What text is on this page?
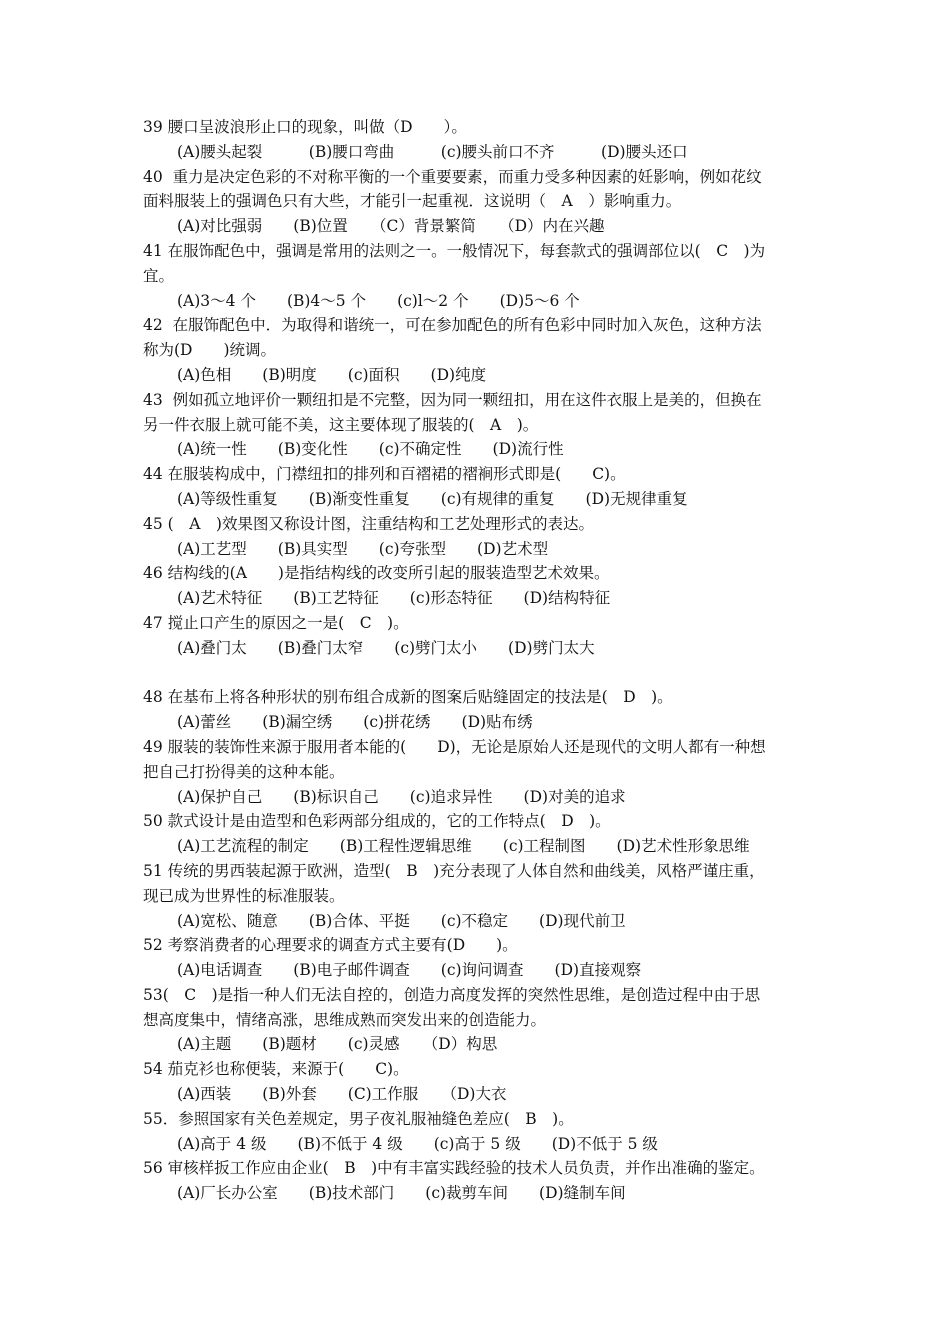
39 腰口呈波浪形止口的现象，叫做（D　　）。
(A)腰头起裂　　　(B)腰口弯曲　　　(c)腰头前口不齐　　　(D)腰头还口
40  重力是决定色彩的不对称平衡的一个重要要素，而重力受多种因素的妊影响，例如花纹
面料服装上的强调色只有大些，才能引一起重视．这说明（　A　）影响重力。
(A)对比强弱　　(B)位置　　（C）背景繁简　　（D）内在兴趣
41 在服饰配色中，强调是常用的法则之一。一般情况下，每套款式的强调部位以(　C　)为
宜。
(A)3～4 个　　(B)4～5 个　　(c)l～2 个　　(D)5～6 个
42  在服饰配色中．为取得和谐统一，可在参加配色的所有色彩中同时加入灰色，这种方法
称为(D　　)统调。
(A)色相　　(B)明度　　(c)面积　　(D)纯度
43  例如孤立地评价一颗纽扣是不完整，因为同一颗纽扣，用在这件衣服上是美的，但换在
另一件衣服上就可能不美，这主要体现了服装的(　A　)。
(A)统一性　　(B)变化性　　(c)不确定性　　(D)流行性
44 在服装构成中，门襟纽扣的排列和百褶裙的褶裥形式即是(　　C)。
(A)等级性重复　　(B)渐变性重复　　(c)有规律的重复　　(D)无规律重复
45 (　A　)效果图又称设计图，注重结构和工艺处理形式的表达。
(A)工艺型　　(B)具实型　　(c)夸张型　　(D)艺术型
46 结构线的(A　　)是指结构线的改变所引起的服装造型艺术效果。
(A)艺术特征　　(B)工艺特征　　(c)形态特征　　(D)结构特征
47 搅止口产生的原因之一是(　C　)。
(A)叠门太　　(B)叠门太窄　　(c)劈门太小　　(D)劈门太大
48 在基布上将各种形状的别布组合成新的图案后贴缝固定的技法是(　D　)。
(A)蕾丝　　(B)漏空绣　　(c)拼花绣　　(D)贴布绣
49 服装的装饰性来源于服用者本能的(　　D)，无论是原始人还是现代的文明人都有一种想
把自己打扮得美的这种本能。
(A)保护自己　　(B)标识自己　　(c)追求异性　　(D)对美的追求
50 款式设计是由造型和色彩两部分组成的，它的工作特点(　D　)。
(A)工艺流程的制定　　(B)工程性逻辑思维　　(c)工程制图　　(D)艺术性形象思维
51 传统的男西装起源于欧洲，造型(　B　)充分表现了人体自然和曲线美，风格严谨庄重，
现已成为世界性的标准服装。
(A)宽松、随意　　(B)合体、平挺　　(c)不稳定　　(D)现代前卫
52 考察消费者的心理要求的调查方式主要有(D　　)。
(A)电话调查　　(B)电子邮件调查　　(c)询问调查　　(D)直接观察
53(　C　)是指一种人们无法自控的，创造力高度发挥的突然性思维，是创造过程中由于思
想高度集中，情绪高涨，思维成熟而突发出来的创造能力。
(A)主题　　(B)题材　　(c)灵感　　（D）构思
54 茄克衫也称便装，来源于(　　C)。
(A)西装　　(B)外套　　(C)工作服　　（D)大衣
55．参照国家有关色差规定，男子夜礼服袖缝色差应(　B　)。
(A)高于 4 级　　(B)不低于 4 级　　(c)高于 5 级　　(D)不低于 5 级
56 审核样扳工作应由企业(　B　)中有丰富实践经验的技术人员负责，并作出准确的鉴定。
(A)厂长办公室　　(B)技术部门　　(c)裁剪车间　　(D)缝制车间
